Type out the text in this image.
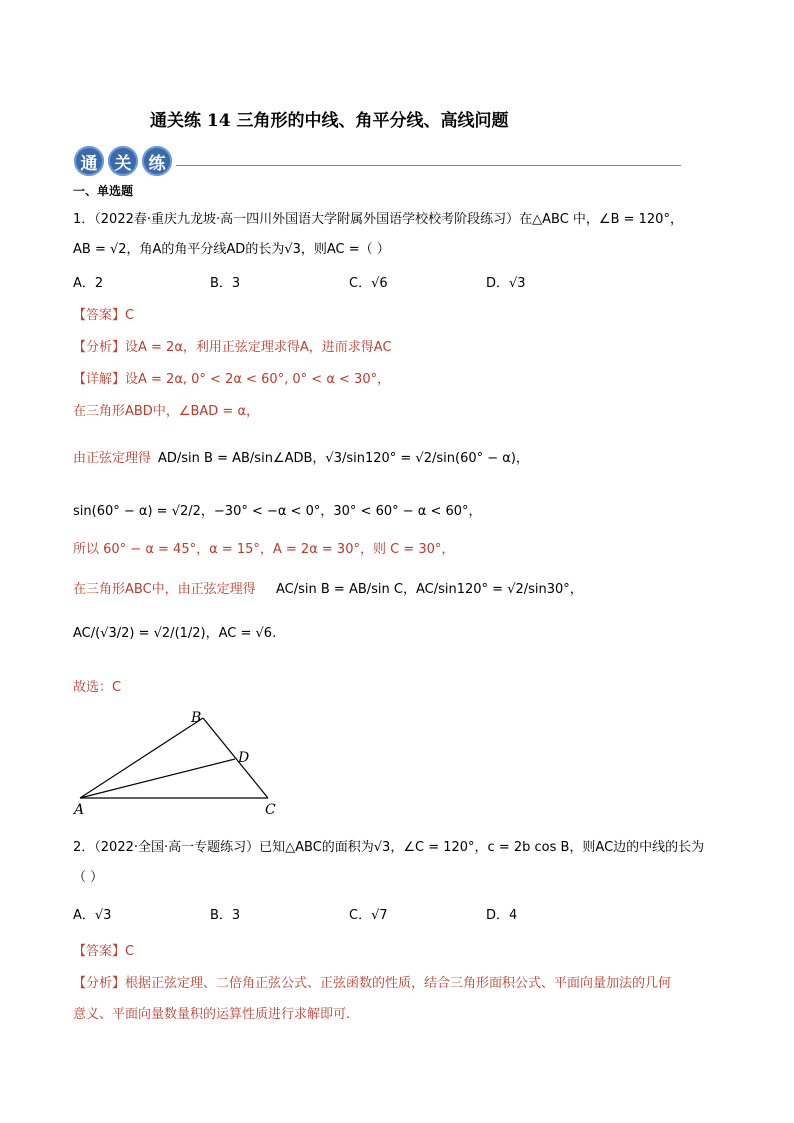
通关练 14 三角形的中线、角平分线、高线问题
通	关	练
一、单选题
1．（2022春·重庆九龙坡·高一四川外国语大学附属外国语学校校考阶段练习）在△ABC 中，∠B = 120°，
AB = √2，角A的角平分线AD的长为√3，则AC =（ ）
A．2	B．3	C．√6	D．√3
【答案】C
【分析】设A = 2α，利用正弦定理求得A，进而求得AC
【详解】设A = 2α, 0° < 2α < 60°, 0° < α < 30°，
在三角形ABD中，∠BAD = α，
由正弦定理得 AD/sin B = AB/sin∠ADB，√3/sin120° = √2/sin(60° − α)，
sin(60° − α) = √2/2，−30° < −α < 0°，30° < 60° − α < 60°，
所以 60° − α = 45°，α = 15°，A = 2α = 30°，则 C = 30°，
在三角形ABC中，由正弦定理得 AC/sin B = AB/sin C，AC/sin120° = √2/sin30°，
AC/(√3/2) = √2/(1/2)，AC = √6.
故选：C
B
D
A	C
2．（2022·全国·高一专题练习）已知△ABC的面积为√3，∠C = 120°，c = 2b cos B，则AC边的中线的长为
（ ）
A．√3	B．3	C．√7	D．4
【答案】C
【分析】根据正弦定理、二倍角正弦公式、正弦函数的性质，结合三角形面积公式、平面向量加法的几何
意义、平面向量数量积的运算性质进行求解即可.
